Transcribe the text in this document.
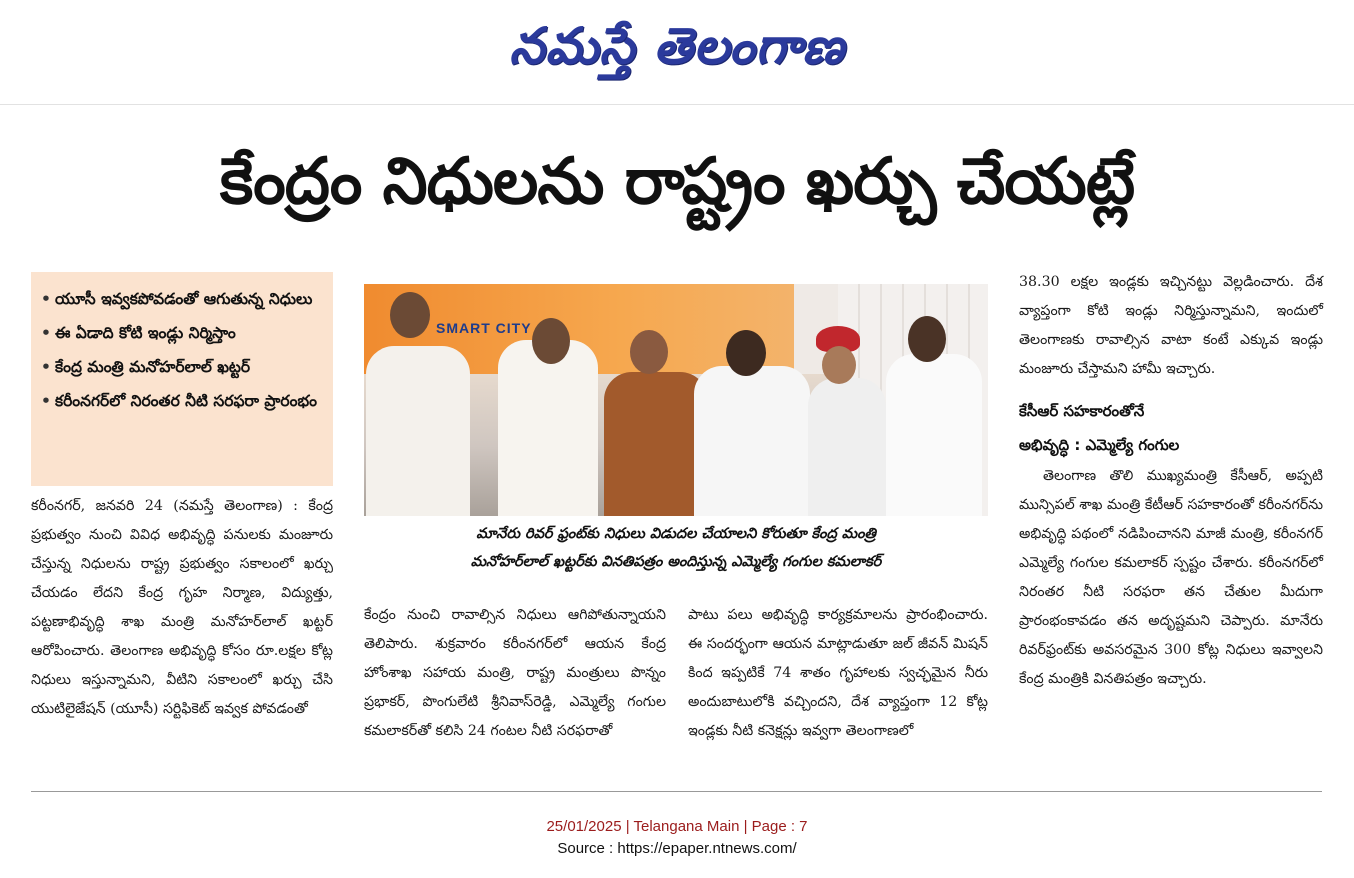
నమస్తే తెలంగాణ
కేంద్రం నిధులను రాష్ట్రం ఖర్చు చేయట్లే
• యూసీ ఇవ్వకపోవడంతో ఆగుతున్న నిధులు
• ఈ ఏడాది కోటి ఇండ్లు నిర్మిస్తాం
• కేంద్ర మంత్రి మనోహర్‌లాల్ ఖట్టర్
• కరీంనగర్‌లో నిరంతర నీటి సరఫరా ప్రారంభం
SMART CITY
మానేరు రివర్ ఫ్రంట్‌కు నిధులు విడుదల చేయాలని కోరుతూ కేంద్ర మంత్రి
మనోహర్‌లాల్ ఖట్టర్‌కు వినతిపత్రం అందిస్తున్న ఎమ్మెల్యే గంగుల కమలాకర్

కరీంనగర్, జనవరి 24 (నమస్తే తెలంగాణ) : కేంద్ర ప్రభుత్వం నుంచి వివిధ అభివృద్ధి పనులకు మంజూరు చేస్తున్న నిధులను రాష్ట్ర ప్రభుత్వం సకాలంలో ఖర్చు చేయడం లేదని కేంద్ర గృహ నిర్మాణ, విద్యుత్తు, పట్టణాభివృద్ధి శాఖ మంత్రి మనోహర్‌లాల్ ఖట్టర్ ఆరోపించారు. తెలంగాణ అభివృద్ధి కోసం రూ.లక్షల కోట్ల నిధులు ఇస్తున్నామని, వీటిని సకాలంలో ఖర్చు చేసి యుటిలైజేషన్ (యూసీ) సర్టిఫికెట్ ఇవ్వక పోవడంతో

కేంద్రం నుంచి రావాల్సిన నిధులు ఆగిపోతున్నాయని తెలిపారు. శుక్రవారం కరీంనగర్‌లో ఆయన కేంద్ర హోంశాఖ సహాయ మంత్రి, రాష్ట్ర మంత్రులు పొన్నం ప్రభాకర్, పొంగులేటి శ్రీనివాస్‌రెడ్డి, ఎమ్మెల్యే గంగుల కమలాకర్‌తో కలిసి 24 గంటల నీటి సరఫరాతో

పాటు పలు అభివృద్ధి కార్యక్రమాలను ప్రారంభించారు. ఈ సందర్భంగా ఆయన మాట్లాడుతూ జల్ జీవన్ మిషన్ కింద ఇప్పటికే 74 శాతం గృహాలకు స్వచ్ఛమైన నీరు అందుబాటులోకి వచ్చిందని, దేశ వ్యాప్తంగా 12 కోట్ల ఇండ్లకు నీటి కనెక్షన్లు ఇవ్వగా తెలంగాణలో

38.30 లక్షల ఇండ్లకు ఇచ్చినట్టు వెల్లడించారు. దేశ వ్యాప్తంగా కోటి ఇండ్లు నిర్మిస్తున్నామని, ఇందులో తెలంగాణకు రావాల్సిన వాటా కంటే ఎక్కువ ఇండ్లు మంజూరు చేస్తామని హామీ ఇచ్చారు.

కేసీఆర్ సహకారంతోనే
అభివృద్ధి : ఎమ్మెల్యే గంగుల

తెలంగాణ తొలి ముఖ్యమంత్రి కేసీఆర్, అప్పటి మున్సిపల్ శాఖ మంత్రి కేటీఆర్ సహకారంతో కరీంనగర్‌ను అభివృద్ధి పథంలో నడిపించానని మాజీ మంత్రి, కరీంనగర్ ఎమ్మెల్యే గంగుల కమలాకర్ స్పష్టం చేశారు. కరీంనగర్‌లో నిరంతర నీటి సరఫరా తన చేతుల మీదుగా ప్రారంభంకావడం తన అదృష్టమని చెప్పారు. మానేరు రివర్‌ఫ్రంట్‌కు అవసరమైన 300 కోట్ల నిధులు ఇవ్వాలని కేంద్ర మంత్రికి వినతిపత్రం ఇచ్చారు.

25/01/2025 | Telangana Main | Page : 7
Source : https://epaper.ntnews.com/
